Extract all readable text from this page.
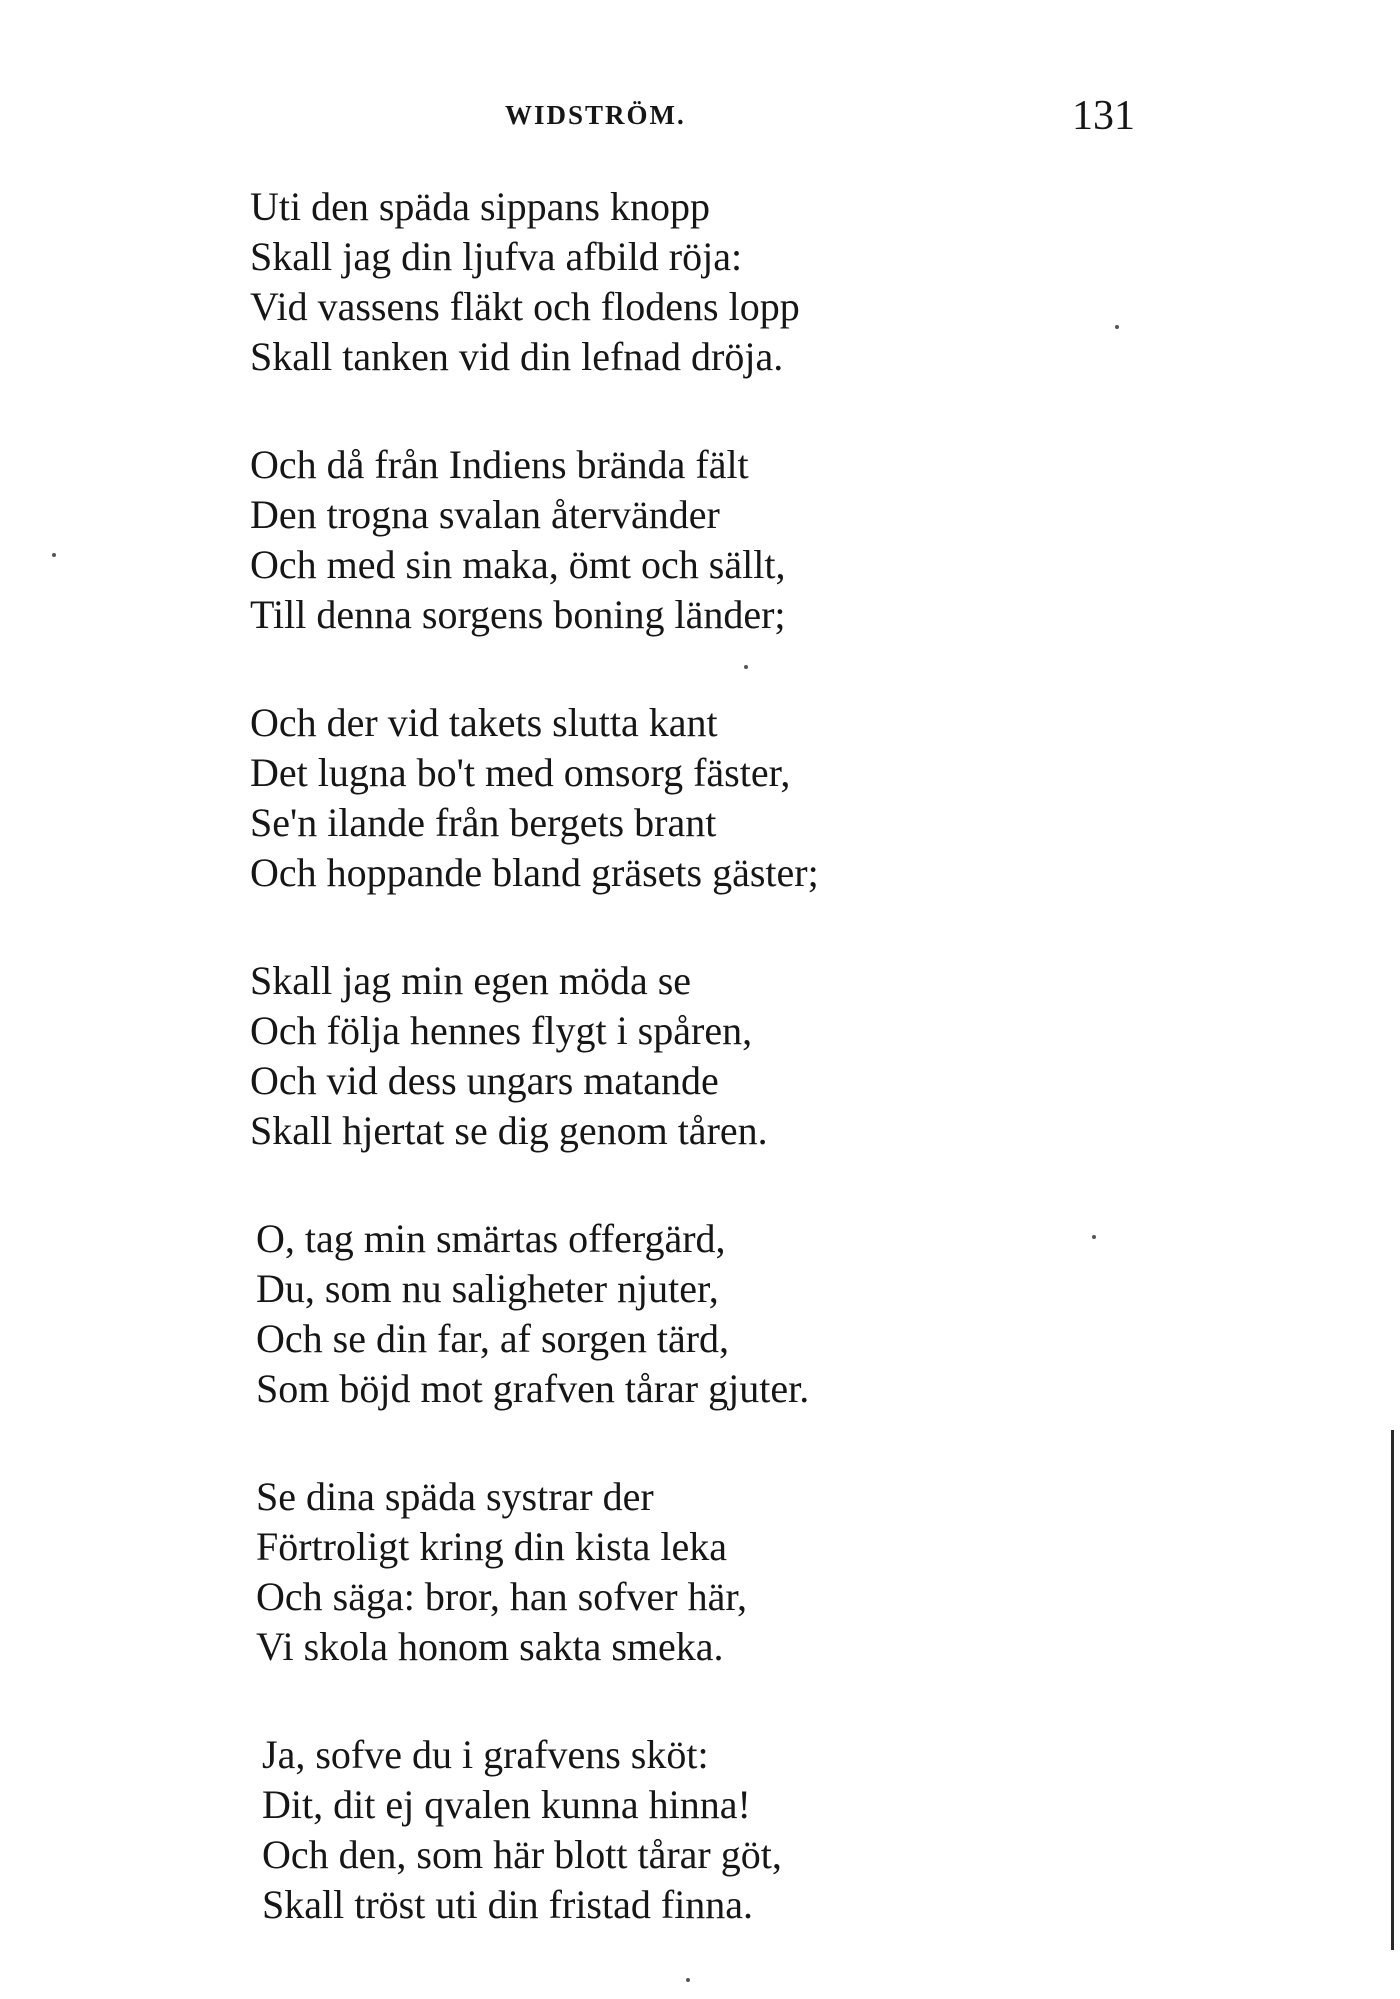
WIDSTRÖM.	131
Uti den späda sippans knopp
Skall jag din ljufva afbild röja:
Vid vassens fläkt och flodens lopp
Skall tanken vid din lefnad dröja.
Och då från Indiens brända fält
Den trogna svalan återvänder
Och med sin maka, ömt och sällt,
Till denna sorgens boning länder;
Och der vid takets slutta kant
Det lugna bo't med omsorg fäster,
Se'n ilande från bergets brant
Och hoppande bland gräsets gäster;
Skall jag min egen möda se
Och följa hennes flygt i spåren,
Och vid dess ungars matande
Skall hjertat se dig genom tåren.
O, tag min smärtas offergärd,
Du, som nu saligheter njuter,
Och se din far, af sorgen tärd,
Som böjd mot grafven tårar gjuter.
Se dina späda systrar der
Förtroligt kring din kista leka
Och säga: bror, han sofver här,
Vi skola honom sakta smeka.
Ja, sofve du i grafvens sköt:
Dit, dit ej qvalen kunna hinna!
Och den, som här blott tårar göt,
Skall tröst uti din fristad finna.
